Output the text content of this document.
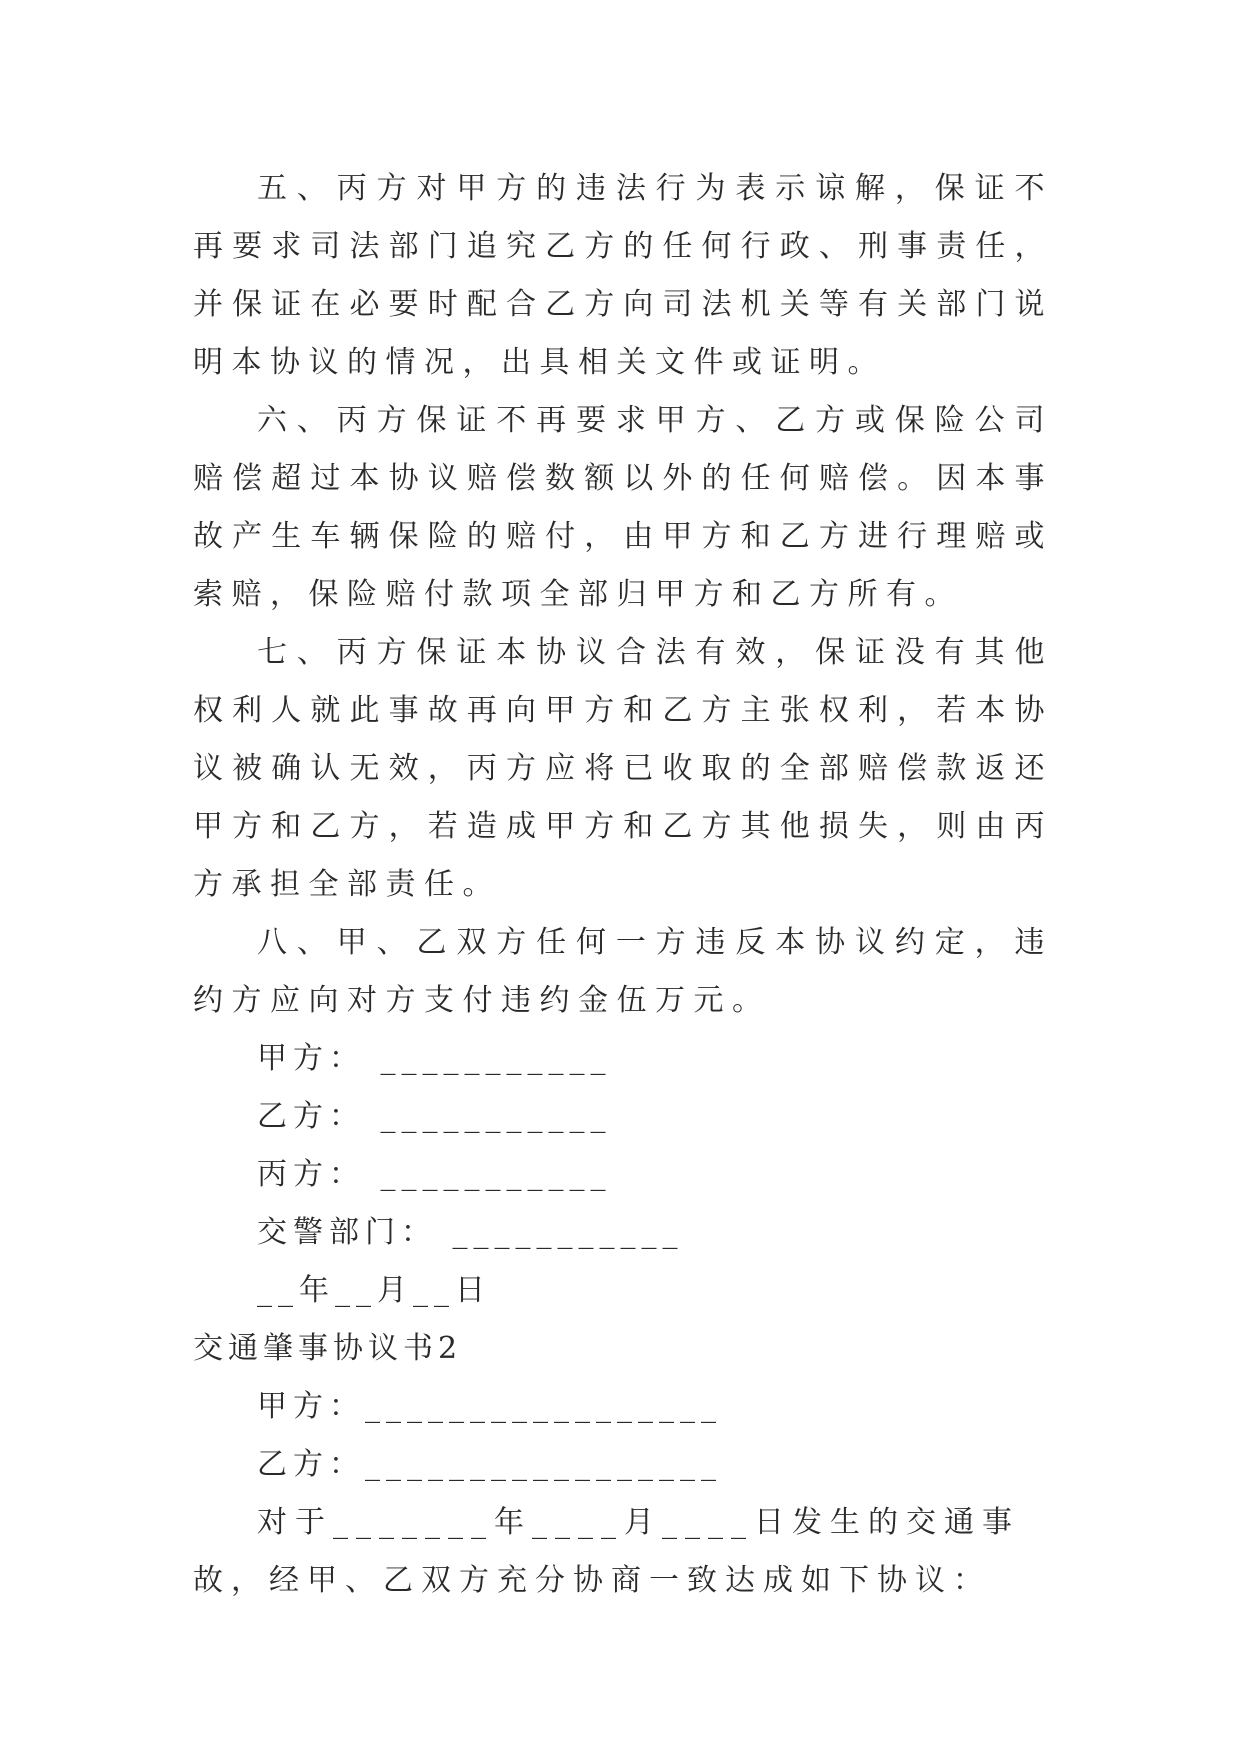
五、丙方对甲方的违法行为表示谅解，保证不再要求司法部门追究乙方的任何行政、刑事责任，并保证在必要时配合乙方向司法机关等有关部门说明本协议的情况，出具相关文件或证明。

六、丙方保证不再要求甲方、乙方或保险公司赔偿超过本协议赔偿数额以外的任何赔偿。因本事故产生车辆保险的赔付，由甲方和乙方进行理赔或索赔，保险赔付款项全部归甲方和乙方所有。

七、丙方保证本协议合法有效，保证没有其他权利人就此事故再向甲方和乙方主张权利，若本协议被确认无效，丙方应将已收取的全部赔偿款返还甲方和乙方，若造成甲方和乙方其他损失，则由丙方承担全部责任。

八、甲、乙双方任何一方违反本协议约定，违约方应向对方支付违约金伍万元。

甲方： ___________

乙方： ___________

丙方： ___________

交警部门： ___________

__年__月__日

交通肇事协议书2

甲方：_________________

乙方：_________________

对于_______年____月____日发生的交通事故，经甲、乙双方充分协商一致达成如下协议：
